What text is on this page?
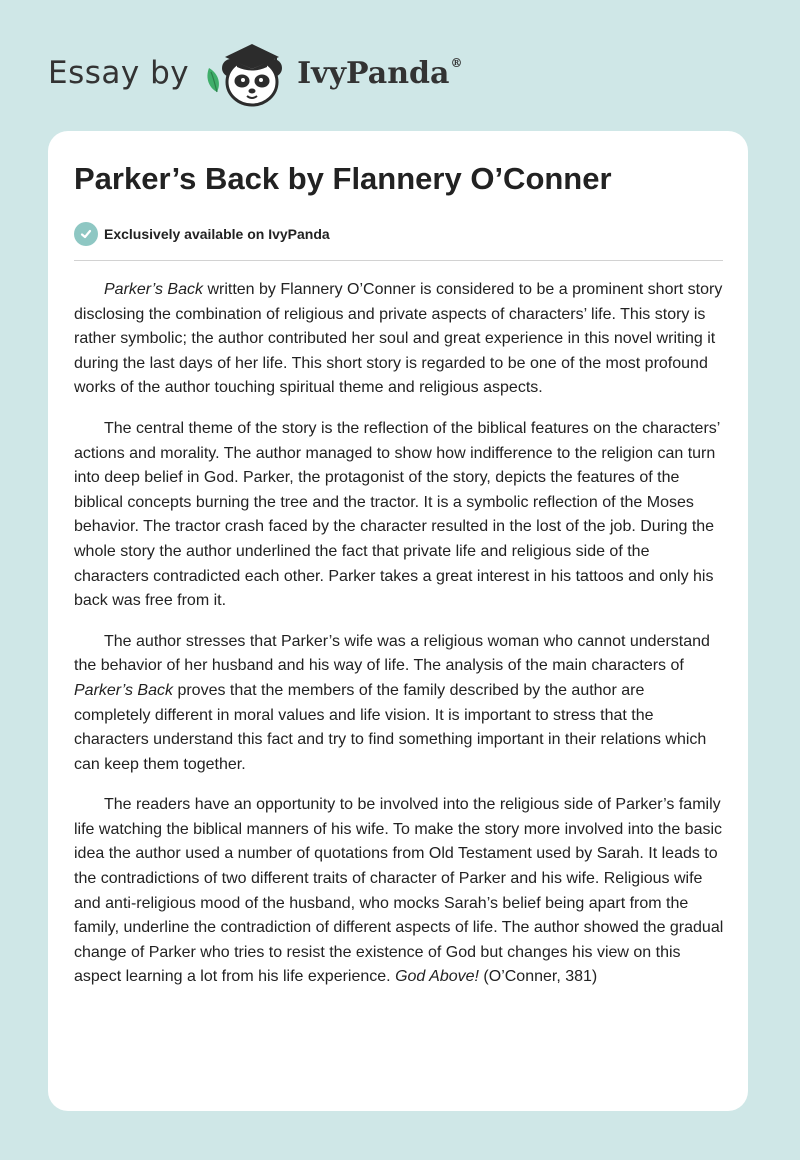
Essay by	IvyPanda®
Parker’s Back by Flannery O’Conner
Exclusively available on IvyPanda

Parker’s Back written by Flannery O’Conner is considered to be a prominent short story disclosing the combination of religious and private aspects of characters’ life. This story is rather symbolic; the author contributed her soul and great experience in this novel writing it during the last days of her life. This short story is regarded to be one of the most profound works of the author touching spiritual theme and religious aspects.

The central theme of the story is the reflection of the biblical features on the characters’ actions and morality. The author managed to show how indifference to the religion can turn into deep belief in God. Parker, the protagonist of the story, depicts the features of the biblical concepts burning the tree and the tractor. It is a symbolic reflection of the Moses behavior. The tractor crash faced by the character resulted in the lost of the job. During the whole story the author underlined the fact that private life and religious side of the characters contradicted each other. Parker takes a great interest in his tattoos and only his back was free from it.

The author stresses that Parker’s wife was a religious woman who cannot understand the behavior of her husband and his way of life. The analysis of the main characters of Parker’s Back proves that the members of the family described by the author are completely different in moral values and life vision. It is important to stress that the characters understand this fact and try to find something important in their relations which can keep them together.

The readers have an opportunity to be involved into the religious side of Parker’s family life watching the biblical manners of his wife. To make the story more involved into the basic idea the author used a number of quotations from Old Testament used by Sarah. It leads to the contradictions of two different traits of character of Parker and his wife. Religious wife and anti-religious mood of the husband, who mocks Sarah’s belief being apart from the family, underline the contradiction of different aspects of life. The author showed the gradual change of Parker who tries to resist the existence of God but changes his view on this aspect learning a lot from his life experience. God Above! (O’Conner, 381)
